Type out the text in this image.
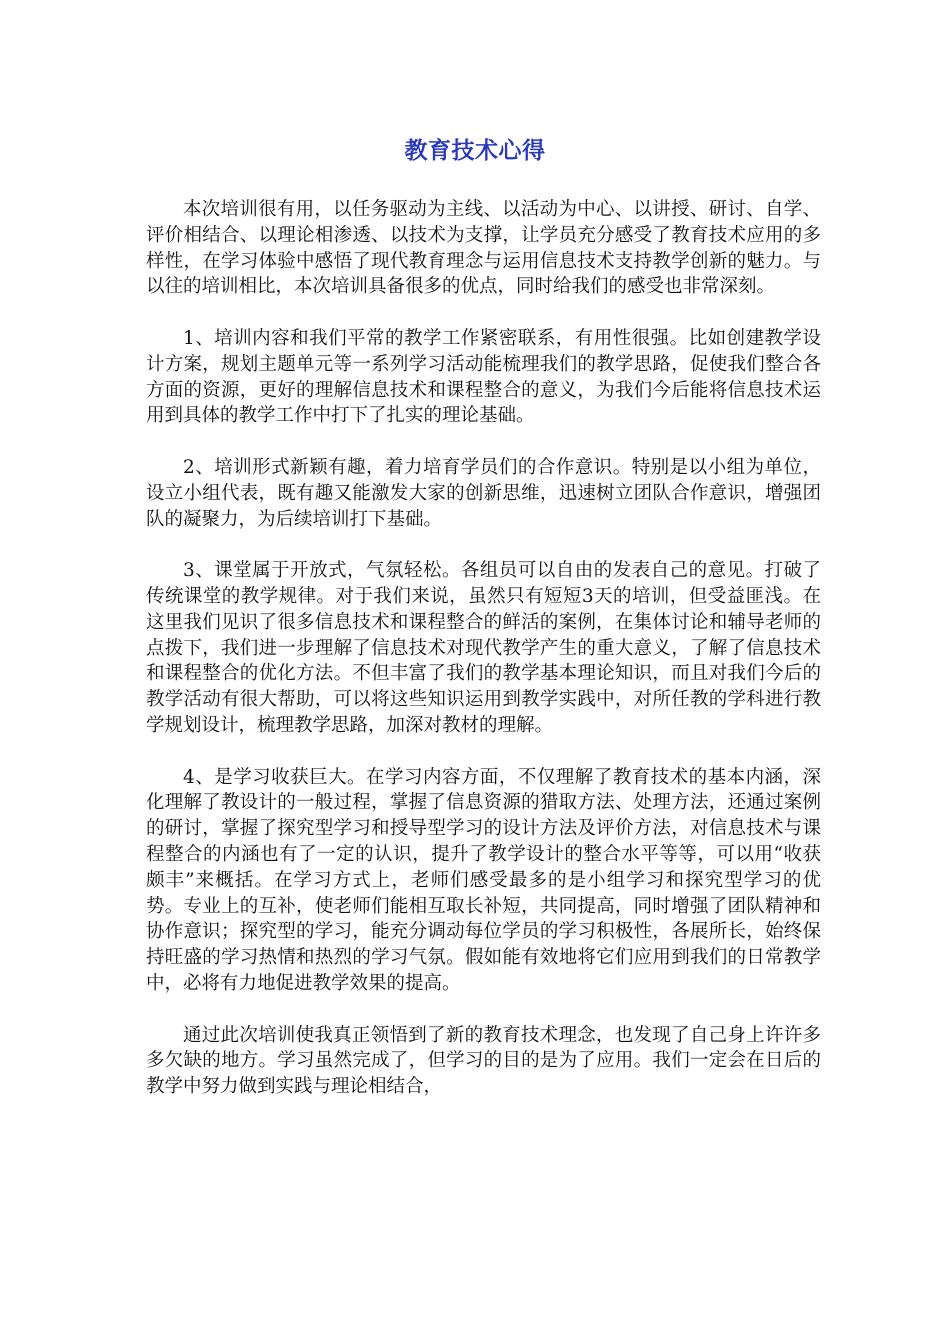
教育技术心得

本次培训很有用，以任务驱动为主线、以活动为中心、以讲授、研讨、自学、评价相结合、以理论相渗透、以技术为支撑，让学员充分感受了教育技术应用的多样性，在学习体验中感悟了现代教育理念与运用信息技术支持教学创新的魅力。与以往的培训相比，本次培训具备很多的优点，同时给我们的感受也非常深刻。

1、培训内容和我们平常的教学工作紧密联系，有用性很强。比如创建教学设计方案，规划主题单元等一系列学习活动能梳理我们的教学思路，促使我们整合各方面的资源，更好的理解信息技术和课程整合的意义，为我们今后能将信息技术运用到具体的教学工作中打下了扎实的理论基础。

2、培训形式新颖有趣，着力培育学员们的合作意识。特别是以小组为单位，设立小组代表，既有趣又能激发大家的创新思维，迅速树立团队合作意识，增强团队的凝聚力，为后续培训打下基础。

3、课堂属于开放式，气氛轻松。各组员可以自由的发表自己的意见。打破了传统课堂的教学规律。对于我们来说，虽然只有短短3天的培训，但受益匪浅。在这里我们见识了很多信息技术和课程整合的鲜活的案例，在集体讨论和辅导老师的点拨下，我们进一步理解了信息技术对现代教学产生的重大意义，了解了信息技术和课程整合的优化方法。不但丰富了我们的教学基本理论知识，而且对我们今后的教学活动有很大帮助，可以将这些知识运用到教学实践中，对所任教的学科进行教学规划设计，梳理教学思路，加深对教材的理解。

4、是学习收获巨大。在学习内容方面，不仅理解了教育技术的基本内涵，深化理解了教设计的一般过程，掌握了信息资源的猎取方法、处理方法，还通过案例的研讨，掌握了探究型学习和授导型学习的设计方法及评价方法，对信息技术与课程整合的内涵也有了一定的认识，提升了教学设计的整合水平等等，可以用“收获颇丰”来概括。在学习方式上，老师们感受最多的是小组学习和探究型学习的优势。专业上的互补，使老师们能相互取长补短，共同提高，同时增强了团队精神和协作意识；探究型的学习，能充分调动每位学员的学习积极性，各展所长，始终保持旺盛的学习热情和热烈的学习气氛。假如能有效地将它们应用到我们的日常教学中，必将有力地促进教学效果的提高。

通过此次培训使我真正领悟到了新的教育技术理念，也发现了自己身上许许多多欠缺的地方。学习虽然完成了，但学习的目的是为了应用。我们一定会在日后的教学中努力做到实践与理论相结合，
